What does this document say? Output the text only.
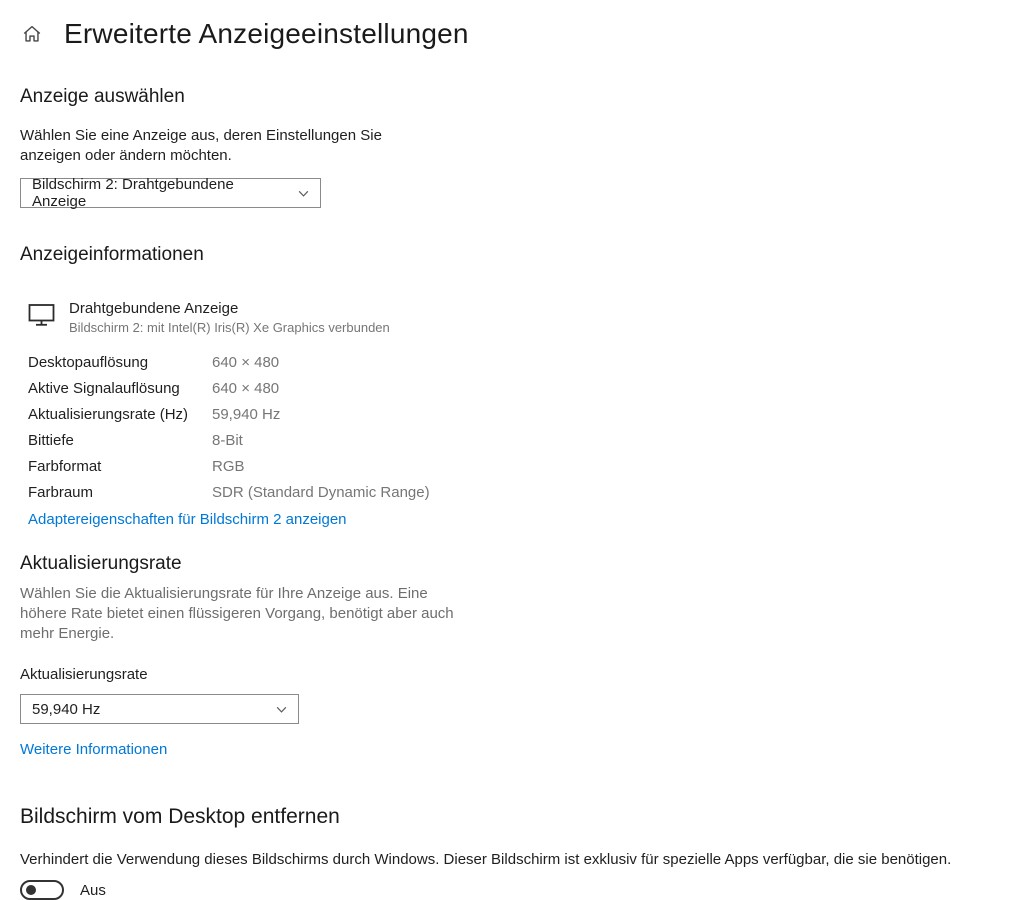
Erweiterte Anzeigeeinstellungen
Anzeige auswählen

Wählen Sie eine Anzeige aus, deren Einstellungen Sie anzeigen oder ändern möchten.

Bildschirm 2: Drahtgebundene Anzeige
Anzeigeinformationen
Drahtgebundene Anzeige
Bildschirm 2: mit Intel(R) Iris(R) Xe Graphics verbunden
Desktopauflösung	640 × 480
Aktive Signalauflösung	640 × 480
Aktualisierungsrate (Hz)	59,940 Hz
Bittiefe	8-Bit
Farbformat	RGB
Farbraum	SDR (Standard Dynamic Range)
Adaptereigenschaften für Bildschirm 2 anzeigen
Aktualisierungsrate

Wählen Sie die Aktualisierungsrate für Ihre Anzeige aus. Eine höhere Rate bietet einen flüssigeren Vorgang, benötigt aber auch mehr Energie.

Aktualisierungsrate
59,940 Hz
Weitere Informationen
Bildschirm vom Desktop entfernen

Verhindert die Verwendung dieses Bildschirms durch Windows. Dieser Bildschirm ist exklusiv für spezielle Apps verfügbar, die sie benötigen.

Aus
